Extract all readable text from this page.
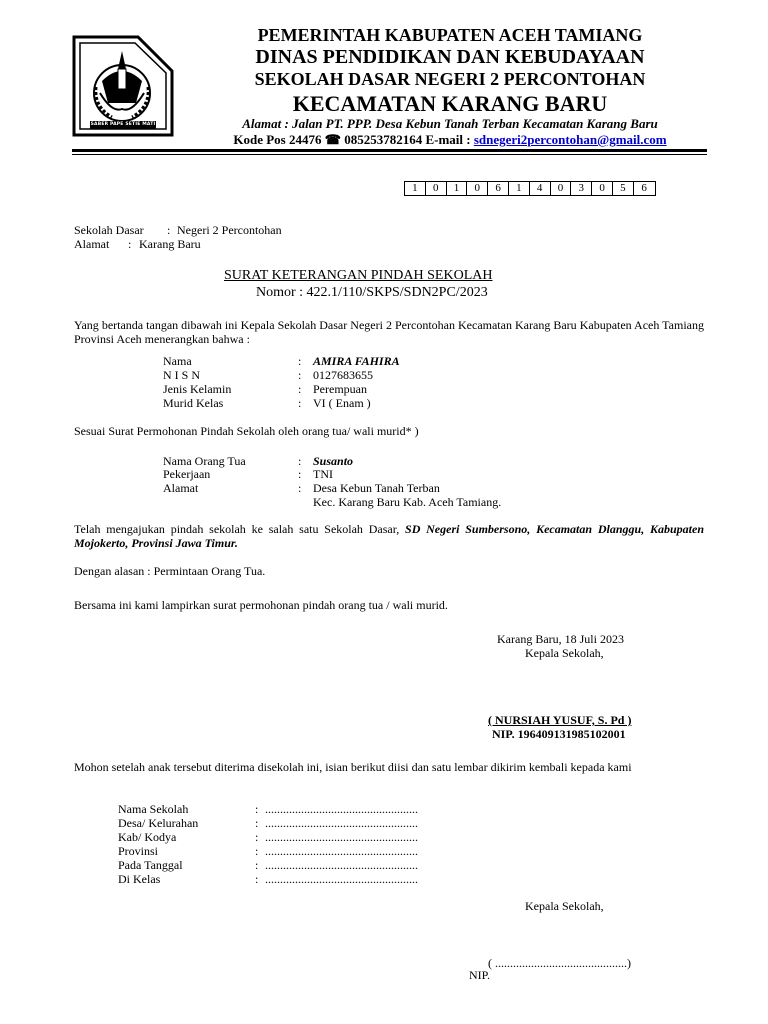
SABER PAPE SETIE MATI
PEMERINTAH KABUPATEN ACEH TAMIANG
DINAS PENDIDIKAN DAN KEBUDAYAAN
SEKOLAH DASAR NEGERI 2 PERCONTOHAN
KECAMATAN KARANG BARU
Alamat : Jalan PT. PPP. Desa Kebun Tanah Terban Kecamatan Karang Baru
Kode Pos 24476 ☎ 085253782164 E-mail : sdnegeri2percontohan@gmail.com
1	0	1	0	6	1	4	0	3	0	5	6
Sekolah Dasar : Negeri 2 Percontohan
Alamat : Karang Baru
SURAT KETERANGAN PINDAH SEKOLAH
Nomor : 422.1/110/SKPS/SDN2PC/2023
Yang bertanda tangan dibawah ini Kepala Sekolah Dasar Negeri 2 Percontohan Kecamatan Karang Baru Kabupaten Aceh Tamiang Provinsi Aceh menerangkan bahwa :
Nama	: AMIRA FAHIRA
N I S N	: 0127683655
Jenis Kelamin	: Perempuan
Murid Kelas	: VI ( Enam )
Sesuai Surat Permohonan Pindah Sekolah oleh orang tua/ wali murid* )
Nama Orang Tua	: Susanto
Pekerjaan	: TNI
Alamat	: Desa Kebun Tanah Terban
Kec. Karang Baru Kab. Aceh Tamiang.
Telah mengajukan pindah sekolah ke salah satu Sekolah Dasar, SD Negeri Sumbersono, Kecamatan Dlanggu, Kabupaten Mojokerto, Provinsi Jawa Timur.
Dengan alasan : Permintaan Orang Tua.
Bersama ini kami lampirkan surat permohonan pindah orang tua / wali murid.
Karang Baru, 18 Juli 2023
Kepala Sekolah,
( NURSIAH YUSUF, S. Pd )
NIP. 196409131985102001
Mohon setelah anak tersebut diterima disekolah ini, isian berikut diisi dan satu lembar dikirim kembali kepada kami
Nama Sekolah	: ...................................................
Desa/ Kelurahan	: ...................................................
Kab/ Kodya	: ...................................................
Provinsi	: ...................................................
Pada Tanggal	: ...................................................
Di Kelas	: ...................................................
Kepala Sekolah,
( ............................................)
NIP.
